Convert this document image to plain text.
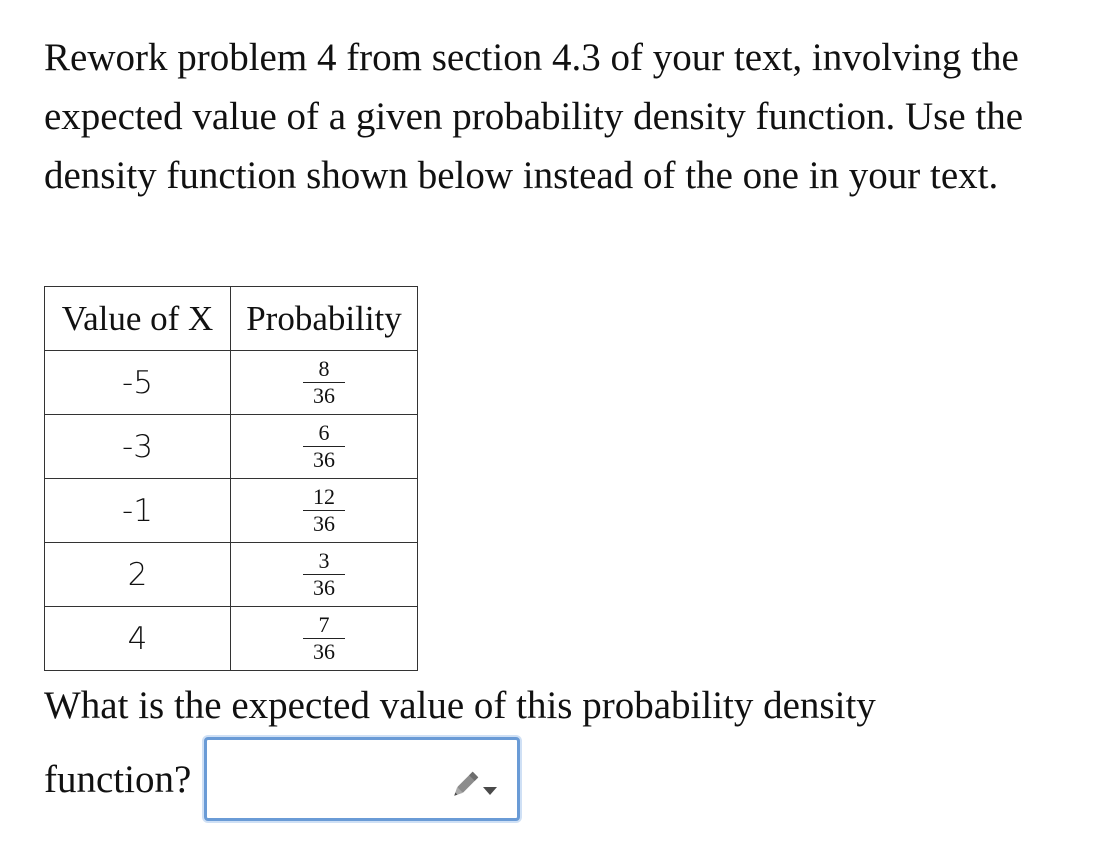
Rework problem 4 from section 4.3 of your text, involving the expected value of a given probability density function. Use the density function shown below instead of the one in your text.

Value of X	Probability
-5	$\frac{8}{36}$

-3	$\frac{6}{36}$

-1	$\frac{12}{36}$

2	$\frac{3}{36}$

4	$\frac{7}{36}$

What is the expected value of this probability density

function?
